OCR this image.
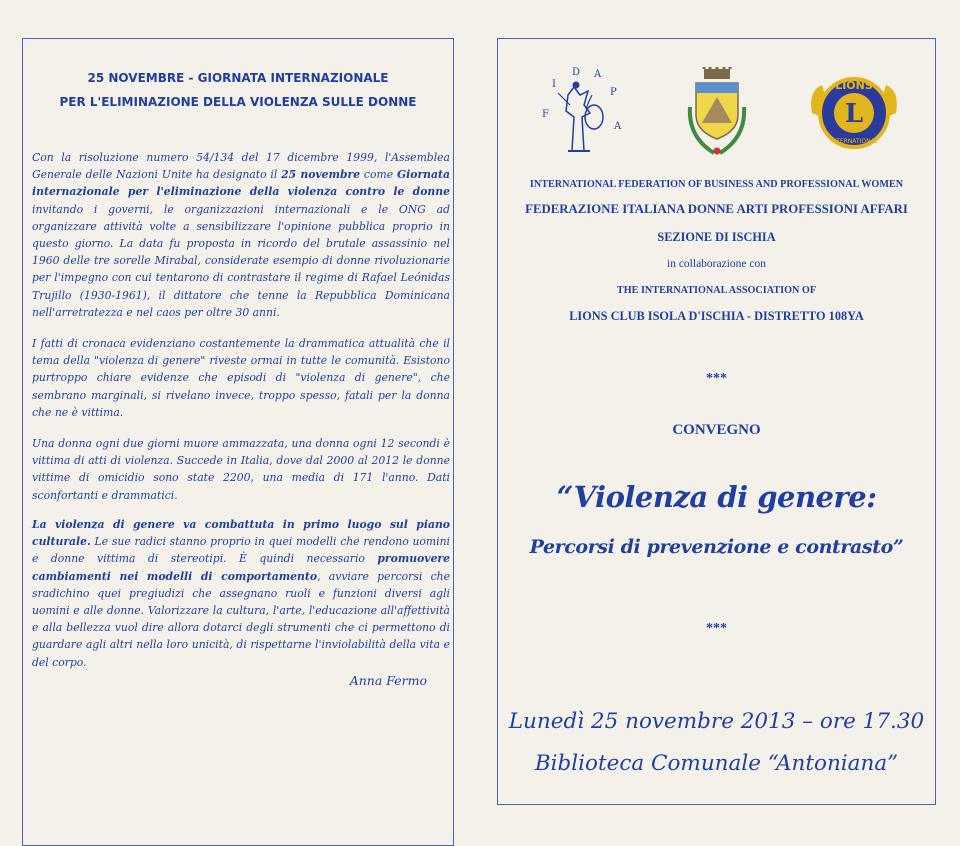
25 NOVEMBRE - GIORNATA INTERNAZIONALE
PER L'ELIMINAZIONE DELLA VIOLENZA SULLE DONNE
Con la risoluzione numero 54/134 del 17 dicembre 1999, l'Assemblea Generale delle Nazioni Unite ha designato il 25 novembre come Giornata internazionale per l'eliminazione della violenza contro le donne invitando i governi, le organizzazioni internazionali e le ONG ad organizzare attività volte a sensibilizzare l'opinione pubblica proprio in questo giorno. La data fu proposta in ricordo del brutale assassinio nel 1960 delle tre sorelle Mirabal, considerate esempio di donne rivoluzionarie per l'impegno con cui tentarono di contrastare il regime di Rafael Leónidas Trujillo (1930-1961), il dittatore che tenne la Repubblica Dominicana nell'arretratezza e nel caos per oltre 30 anni.
I fatti di cronaca evidenziano costantemente la drammatica attualità che il tema della "violenza di genere" riveste ormai in tutte le comunità. Esistono purtroppo chiare evidenze che episodi di "violenza di genere", che sembrano marginali, si rivelano invece, troppo spesso, fatali per la donna che ne è vittima.
Una donna ogni due giorni muore ammazzata, una donna ogni 12 secondi è vittima di atti di violenza. Succede in Italia, dove dal 2000 al 2012 le donne vittime di omicidio sono state 2200, una media di 171 l'anno. Dati sconfortanti e drammatici.
La violenza di genere va combattuta in primo luogo sul piano culturale. Le sue radici stanno proprio in quei modelli che rendono uomini e donne vittima di stereotipi. È quindi necessario promuovere cambiamenti nei modelli di comportamento, avviare percorsi che sradichino quei pregiudizi che assegnano ruoli e funzioni diversi agli uomini e alle donne. Valorizzare la cultura, l'arte, l'educazione all'affettività e alla bellezza vuol dire allora dotarci degli strumenti che ci permettono di guardare agli altri nella loro unicità, di rispettarne l'inviolabilità della vita e del corpo.
Anna Fermo
F
I
D A
P
A
LIONS
L
INTERNATIONAL
INTERNATIONAL FEDERATION OF BUSINESS AND PROFESSIONAL WOMEN
FEDERAZIONE ITALIANA DONNE ARTI PROFESSIONI AFFARI
SEZIONE DI ISCHIA
in collaborazione con
THE INTERNATIONAL ASSOCIATION OF
LIONS CLUB ISOLA D'ISCHIA - DISTRETTO 108YA
***
CONVEGNO
“Violenza di genere:
Percorsi di prevenzione e contrasto”
***
Lunedì 25 novembre 2013 – ore 17.30
Biblioteca Comunale “Antoniana”
